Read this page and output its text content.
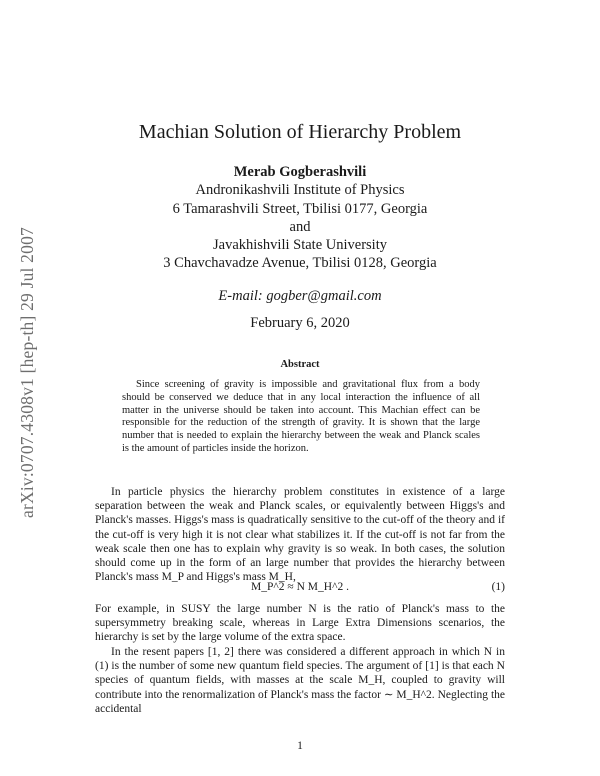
arXiv:0707.4308v1 [hep-th] 29 Jul 2007
Machian Solution of Hierarchy Problem
Merab Gogberashvili
Andronikashvili Institute of Physics
6 Tamarashvili Street, Tbilisi 0177, Georgia
and
Javakhishvili State University
3 Chavchavadze Avenue, Tbilisi 0128, Georgia
E-mail: gogber@gmail.com
February 6, 2020
Abstract
Since screening of gravity is impossible and gravitational flux from a body should be conserved we deduce that in any local interaction the influence of all matter in the universe should be taken into account. This Machian effect can be responsible for the reduction of the strength of gravity. It is shown that the large number that is needed to explain the hierarchy between the weak and Planck scales is the amount of particles inside the horizon.
In particle physics the hierarchy problem constitutes in existence of a large separation between the weak and Planck scales, or equivalently between Higgs's and Planck's masses. Higgs's mass is quadratically sensitive to the cut-off of the theory and if the cut-off is very high it is not clear what stabilizes it. If the cut-off is not far from the weak scale then one has to explain why gravity is so weak. In both cases, the solution should come up in the form of an large number that provides the hierarchy between Planck's mass M_P and Higgs's mass M_H,
M_P^2 ≈ N M_H^2 .	(1)
For example, in SUSY the large number N is the ratio of Planck's mass to the supersymmetry breaking scale, whereas in Large Extra Dimensions scenarios, the hierarchy is set by the large volume of the extra space.
In the resent papers [1, 2] there was considered a different approach in which N in (1) is the number of some new quantum field species. The argument of [1] is that each N species of quantum fields, with masses at the scale M_H, coupled to gravity will contribute into the renormalization of Planck's mass the factor ∼ M_H^2. Neglecting the accidental
1
